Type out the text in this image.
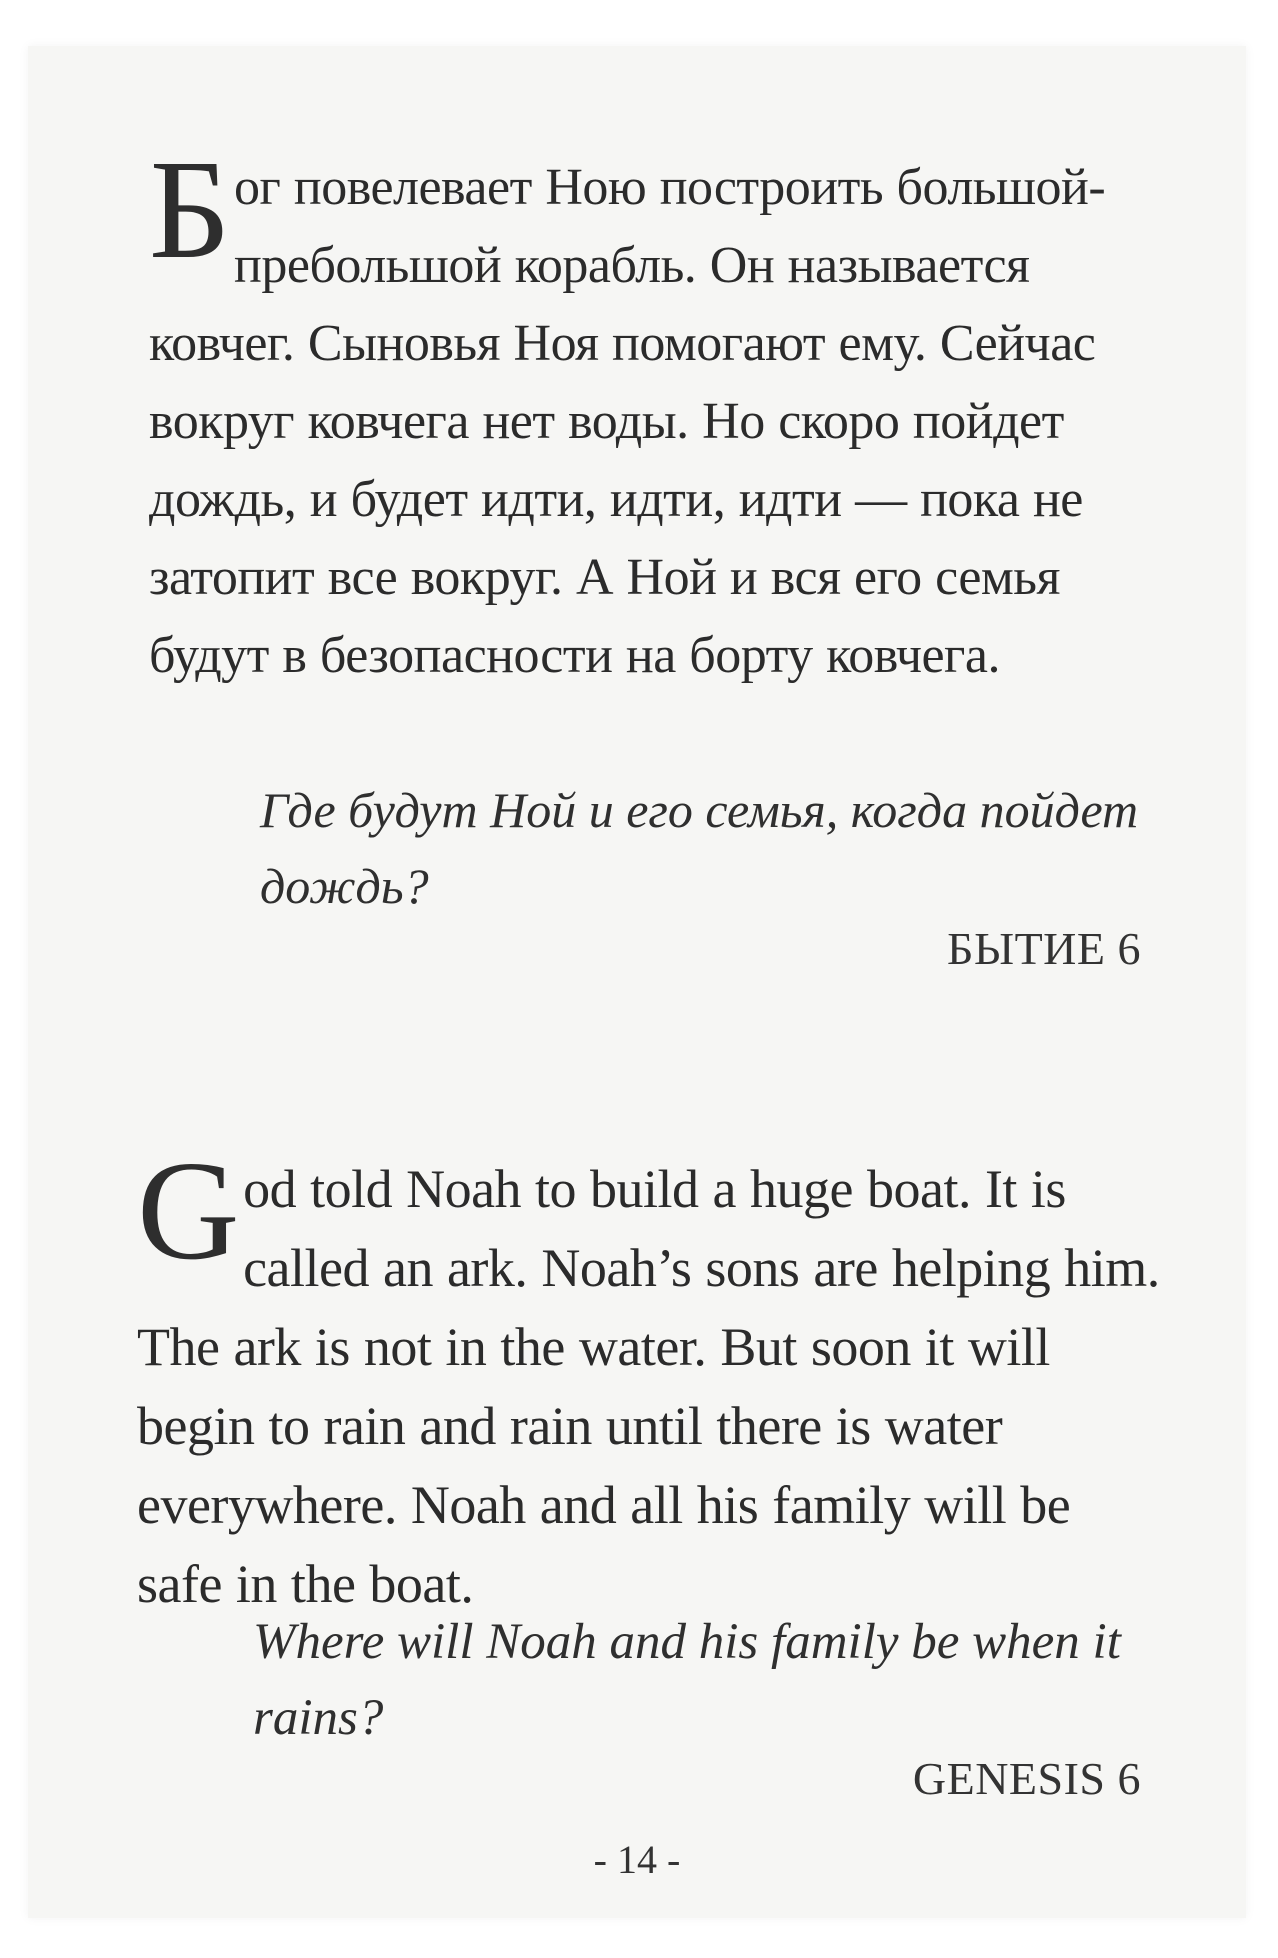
Бог повелевает Ною построить большой-пребольшой корабль. Он называется ковчег. Сыновья Ноя помогают ему. Сейчас вокруг ковчега нет воды. Но скоро пойдет дождь, и будет идти, идти, идти — пока не затопит все вокруг. А Ной и вся его семья будут в безопасности на борту ковчега.

Где будут Ной и его семья, когда пойдет дождь?

БЫТИЕ 6

God told Noah to build a huge boat. It is called an ark. Noah’s sons are helping him. The ark is not in the water. But soon it will begin to rain and rain until there is water everywhere. Noah and all his family will be safe in the boat.

Where will Noah and his family be when it rains?

GENESIS 6

- 14 -
